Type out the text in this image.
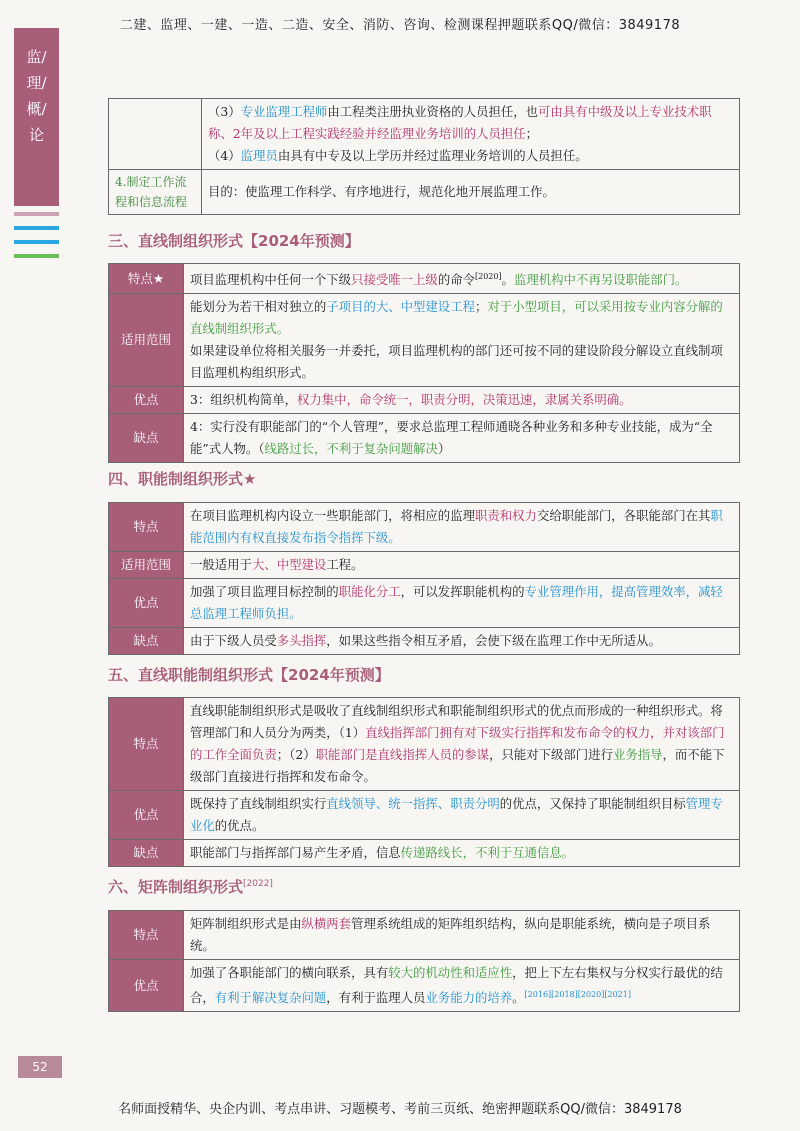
二建、监理、一建、一造、二造、安全、消防、咨询、检测课程押题联系QQ/微信：3849178
监/理/概/论
	（3）专业监理工程师由工程类注册执业资格的人员担任，也可由具有中级及以上专业技术职称、2年及以上工程实践经验并经监理业务培训的人员担任；
（4）监理员由具有中专及以上学历并经过监理业务培训的人员担任。
4.制定工作流程和信息流程	目的：使监理工作科学、有序地进行，规范化地开展监理工作。
三、直线制组织形式【2024年预测】
特点★	项目监理机构中任何一个下级只接受唯一上级的命令[2020]。监理机构中不再另设职能部门。
适用范围	能划分为若干相对独立的子项目的大、中型建设工程；对于小型项目，可以采用按专业内容分解的直线制组织形式。
如果建设单位将相关服务一并委托，项目监理机构的部门还可按不同的建设阶段分解设立直线制项目监理机构组织形式。
优点	3：组织机构简单，权力集中，命令统一，职责分明，决策迅速，隶属关系明确。
缺点	4：实行没有职能部门的“个人管理”，要求总监理工程师通晓各种业务和多种专业技能，成为“全能”式人物。（线路过长，不利于复杂问题解决）
四、职能制组织形式★
特点	在项目监理机构内设立一些职能部门，将相应的监理职责和权力交给职能部门，各职能部门在其职能范围内有权直接发布指令指挥下级。
适用范围	一般适用于大、中型建设工程。
优点	加强了项目监理目标控制的职能化分工，可以发挥职能机构的专业管理作用，提高管理效率，减轻总监理工程师负担。
缺点	由于下级人员受多头指挥，如果这些指令相互矛盾，会使下级在监理工作中无所适从。
五、直线职能制组织形式【2024年预测】
特点	直线职能制组织形式是吸收了直线制组织形式和职能制组织形式的优点而形成的一种组织形式。将管理部门和人员分为两类，（1）直线指挥部门拥有对下级实行指挥和发布命令的权力，并对该部门的工作全面负责；（2）职能部门是直线指挥人员的参谋，只能对下级部门进行业务指导，而不能下级部门直接进行指挥和发布命令。
优点	既保持了直线制组织实行直线领导、统一指挥、职责分明的优点，又保持了职能制组织目标管理专业化的优点。
缺点	职能部门与指挥部门易产生矛盾，信息传递路线长，不利于互通信息。
六、矩阵制组织形式[2022]
特点	矩阵制组织形式是由纵横两套管理系统组成的矩阵组织结构，纵向是职能系统，横向是子项目系统。
优点	加强了各职能部门的横向联系，具有较大的机动性和适应性，把上下左右集权与分权实行最优的结合，有利于解决复杂问题，有利于监理人员业务能力的培养。[2016][2018][2020][2021]
52
名师面授精华、央企内训、考点串讲、习题模考、考前三页纸、绝密押题联系QQ/微信：3849178
